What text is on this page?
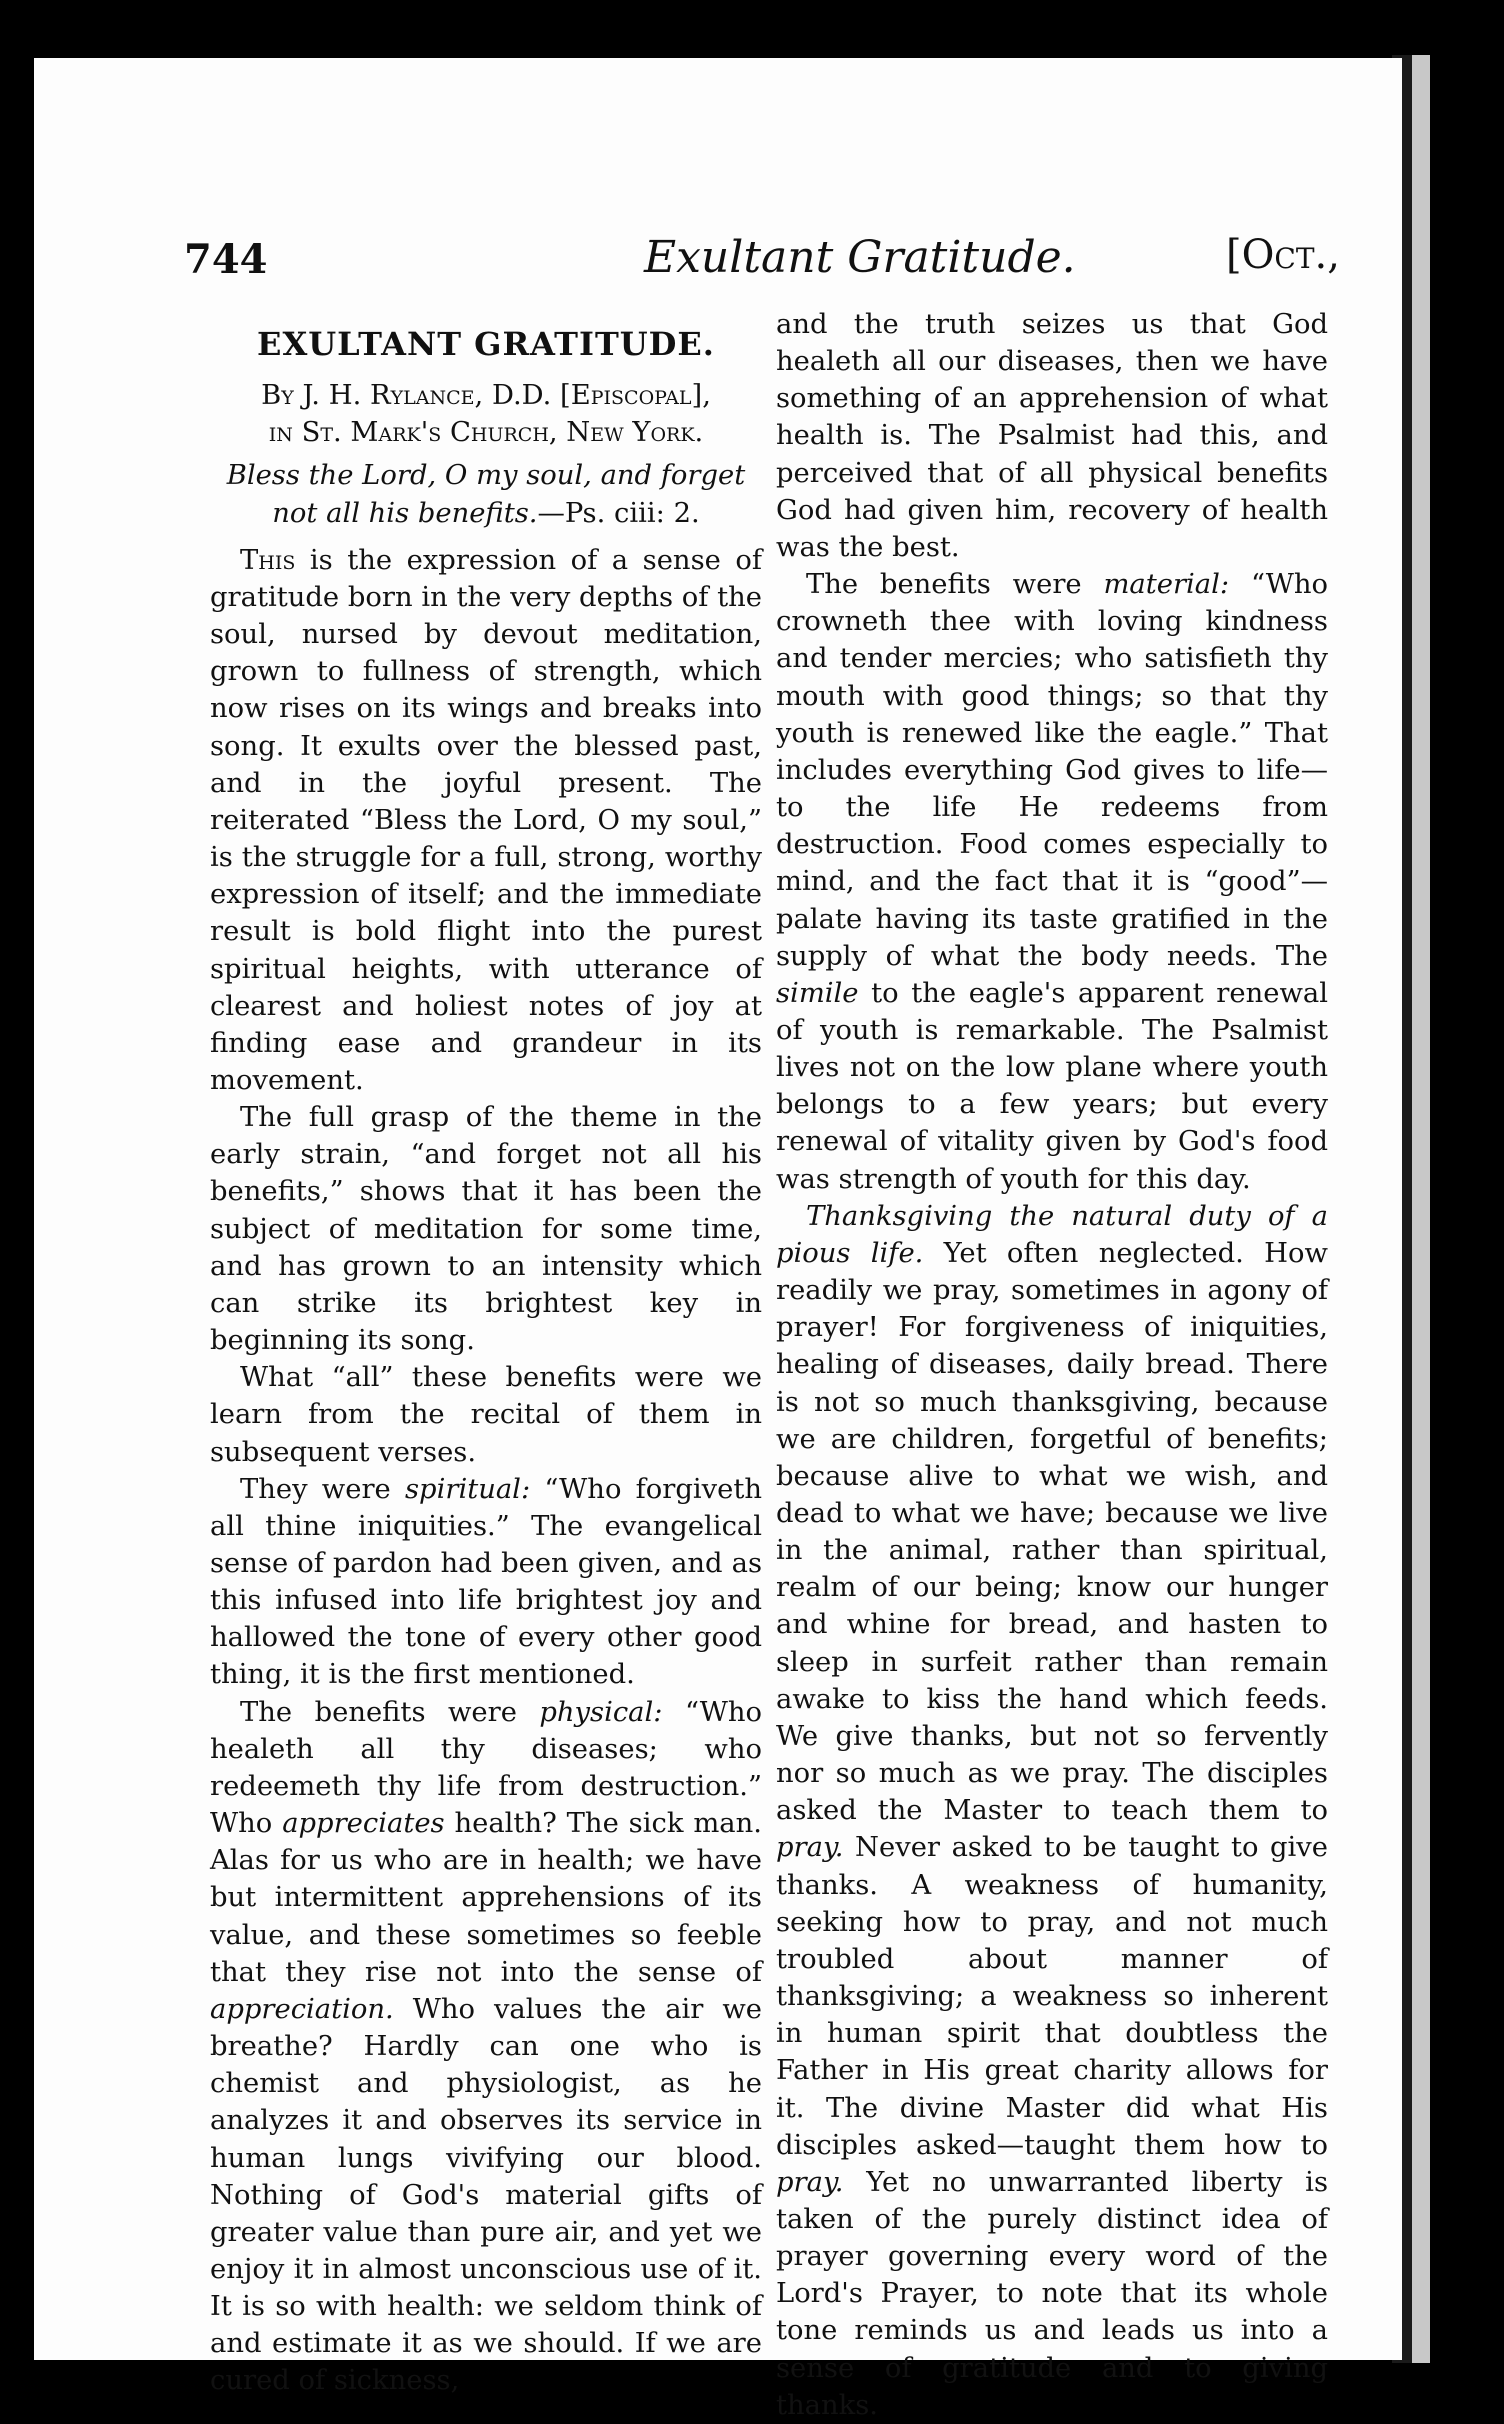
744	Exultant Gratitude.	[Oct.,
EXULTANT GRATITUDE.
By J. H. Rylance, D.D. [Episcopal],
in St. Mark's Church, New York.
Bless the Lord, O my soul, and forget not all his benefits.—Ps. ciii: 2.

This is the expression of a sense of gratitude born in the very depths of the soul, nursed by devout meditation, grown to fullness of strength, which now rises on its wings and breaks into song. It exults over the blessed past, and in the joyful present. The reiterated “Bless the Lord, O my soul,” is the struggle for a full, strong, worthy expression of itself; and the immediate result is bold flight into the purest spiritual heights, with utterance of clearest and holiest notes of joy at finding ease and grandeur in its movement.

The full grasp of the theme in the early strain, “and forget not all his benefits,” shows that it has been the subject of meditation for some time, and has grown to an intensity which can strike its brightest key in beginning its song.

What “all” these benefits were we learn from the recital of them in subsequent verses.

They were spiritual: “Who forgiveth all thine iniquities.” The evangelical sense of pardon had been given, and as this infused into life brightest joy and hallowed the tone of every other good thing, it is the first mentioned.

The benefits were physical: “Who healeth all thy diseases; who redeemeth thy life from destruction.” Who appreciates health? The sick man. Alas for us who are in health; we have but intermittent apprehensions of its value, and these sometimes so feeble that they rise not into the sense of appreciation. Who values the air we breathe? Hardly can one who is chemist and physiologist, as he analyzes it and observes its service in human lungs vivifying our blood. Nothing of God's material gifts of greater value than pure air, and yet we enjoy it in almost unconscious use of it. It is so with health: we seldom think of and estimate it as we should. If we are cured of sickness,

and the truth seizes us that God healeth all our diseases, then we have something of an apprehension of what health is. The Psalmist had this, and perceived that of all physical benefits God had given him, recovery of health was the best.

The benefits were material: “Who crowneth thee with loving kindness and tender mercies; who satisfieth thy mouth with good things; so that thy youth is renewed like the eagle.” That includes everything God gives to life—to the life He redeems from destruction. Food comes especially to mind, and the fact that it is “good”—palate having its taste gratified in the supply of what the body needs. The simile to the eagle's apparent renewal of youth is remarkable. The Psalmist lives not on the low plane where youth belongs to a few years; but every renewal of vitality given by God's food was strength of youth for this day.

Thanksgiving the natural duty of a pious life. Yet often neglected. How readily we pray, sometimes in agony of prayer! For forgiveness of iniquities, healing of diseases, daily bread. There is not so much thanksgiving, because we are children, forgetful of benefits; because alive to what we wish, and dead to what we have; because we live in the animal, rather than spiritual, realm of our being; know our hunger and whine for bread, and hasten to sleep in surfeit rather than remain awake to kiss the hand which feeds. We give thanks, but not so fervently nor so much as we pray. The disciples asked the Master to teach them to pray. Never asked to be taught to give thanks. A weakness of humanity, seeking how to pray, and not much troubled about manner of thanksgiving; a weakness so inherent in human spirit that doubtless the Father in His great charity allows for it. The divine Master did what His disciples asked—taught them how to pray. Yet no unwarranted liberty is taken of the purely distinct idea of prayer governing every word of the Lord's Prayer, to note that its whole tone reminds us and leads us into a sense of gratitude and to giving thanks.
